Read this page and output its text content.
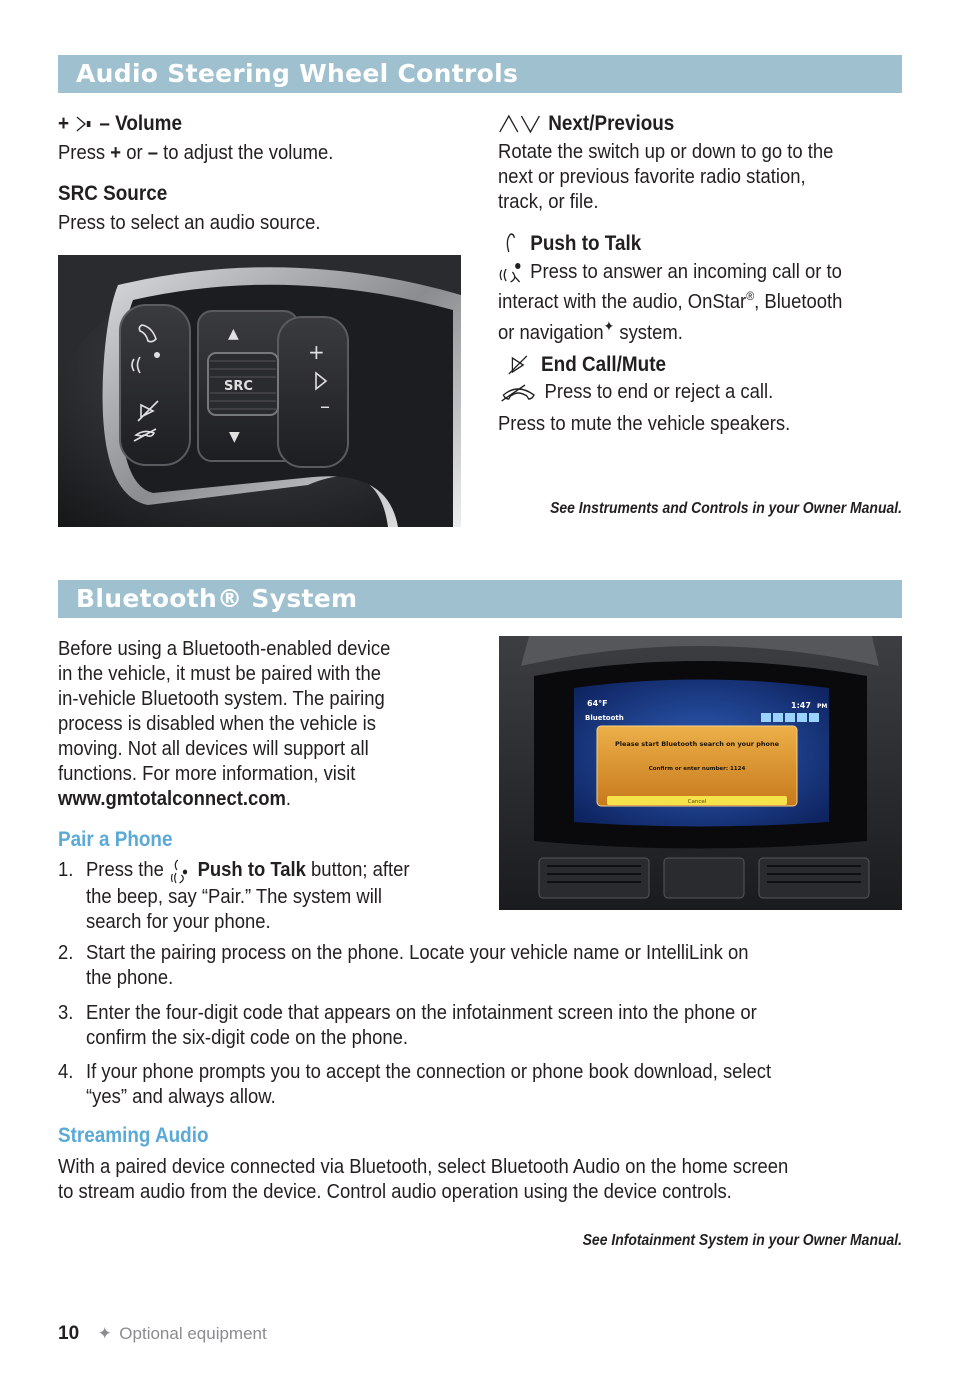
Audio Steering Wheel Controls
+ – Volume
Press + or – to adjust the volume.
SRC Source
Press to select an audio source.
SRC
▲
▼
+
–
Next/Previous
Rotate the switch up or down to go to the
next or previous favorite radio station,
track, or file.
Push to Talk
Press to answer an incoming call or to
interact with the audio, OnStar®, Bluetooth
or navigation✦ system.
End Call/Mute
Press to end or reject a call.
Press to mute the vehicle speakers.
See Instruments and Controls in your Owner Manual.
Bluetooth® System
Before using a Bluetooth-enabled device
in the vehicle, it must be paired with the
in-vehicle Bluetooth system. The pairing
process is disabled when the vehicle is
moving. Not all devices will support all
functions. For more information, visit
www.gmtotalconnect.com.
Pair a Phone
1. Press the  Push to Talk button; after
the beep, say “Pair.” The system will
search for your phone.
64°F
Bluetooth
1:47 PM
Please start Bluetooth search on your phone
Confirm or enter number: 1124
Cancel
2. Start the pairing process on the phone. Locate your vehicle name or IntelliLink on
the phone.
3. Enter the four-digit code that appears on the infotainment screen into the phone or
confirm the six-digit code on the phone.
4. If your phone prompts you to accept the connection or phone book download, select
“yes” and always allow.
Streaming Audio
With a paired device connected via Bluetooth, select Bluetooth Audio on the home screen
to stream audio from the device. Control audio operation using the device controls.
See Infotainment System in your Owner Manual.
10 ✦ Optional equipment
